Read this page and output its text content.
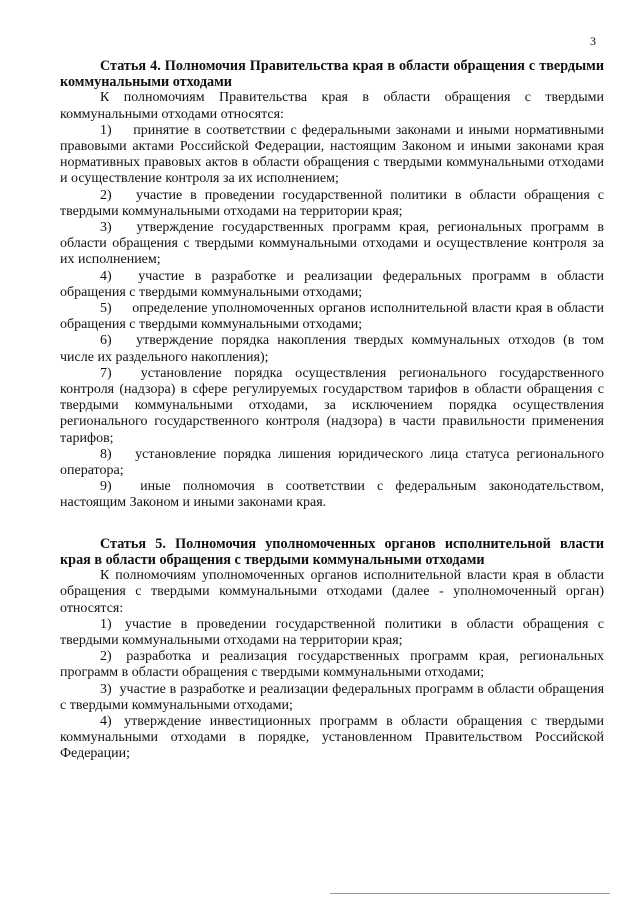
3

Статья 4. Полномочия Правительства края в области обращения с твердыми коммунальными отходами

К полномочиям Правительства края в области обращения с твердыми коммунальными отходами относятся:

1) принятие в соответствии с федеральными законами и иными нормативными правовыми актами Российской Федерации, настоящим Законом и иными законами края нормативных правовых актов в области обращения с твердыми коммунальными отходами и осуществление контроля за их исполнением;

2) участие в проведении государственной политики в области обращения с твердыми коммунальными отходами на территории края;

3) утверждение государственных программ края, региональных программ в области обращения с твердыми коммунальными отходами и осуществление контроля за их исполнением;

4) участие в разработке и реализации федеральных программ в области обращения с твердыми коммунальными отходами;

5) определение уполномоченных органов исполнительной власти края в области обращения с твердыми коммунальными отходами;

6) утверждение порядка накопления твердых коммунальных отходов (в том числе их раздельного накопления);

7) установление порядка осуществления регионального государственного контроля (надзора) в сфере регулируемых государством тарифов в области обращения с твердыми коммунальными отходами, за исключением порядка осуществления регионального государственного контроля (надзора) в части правильности применения тарифов;

8) установление порядка лишения юридического лица статуса регионального оператора;

9) иные полномочия в соответствии с федеральным законодательством, настоящим Законом и иными законами края.

Статья 5. Полномочия уполномоченных органов исполнительной власти края в области обращения с твердыми коммунальными отходами

К полномочиям уполномоченных органов исполнительной власти края в области обращения с твердыми коммунальными отходами (далее - уполномоченный орган) относятся:

1) участие в проведении государственной политики в области обращения с твердыми коммунальными отходами на территории края;

2) разработка и реализация государственных программ края, региональных программ в области обращения с твердыми коммунальными отходами;

3) участие в разработке и реализации федеральных программ в области обращения с твердыми коммунальными отходами;

4) утверждение инвестиционных программ в области обращения с твердыми коммунальными отходами в порядке, установленном Правительством Российской Федерации;
